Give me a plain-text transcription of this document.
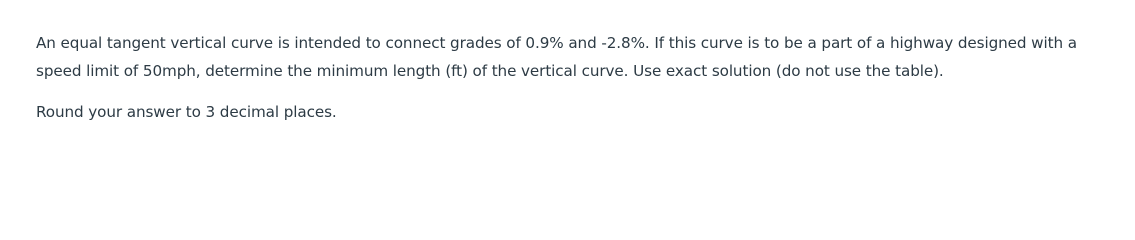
An equal tangent vertical curve is intended to connect grades of 0.9% and -2.8%. If this curve is to be a part of a highway designed with a speed limit of 50mph, determine the minimum length (ft) of the vertical curve. Use exact solution (do not use the table).

Round your answer to 3 decimal places.
